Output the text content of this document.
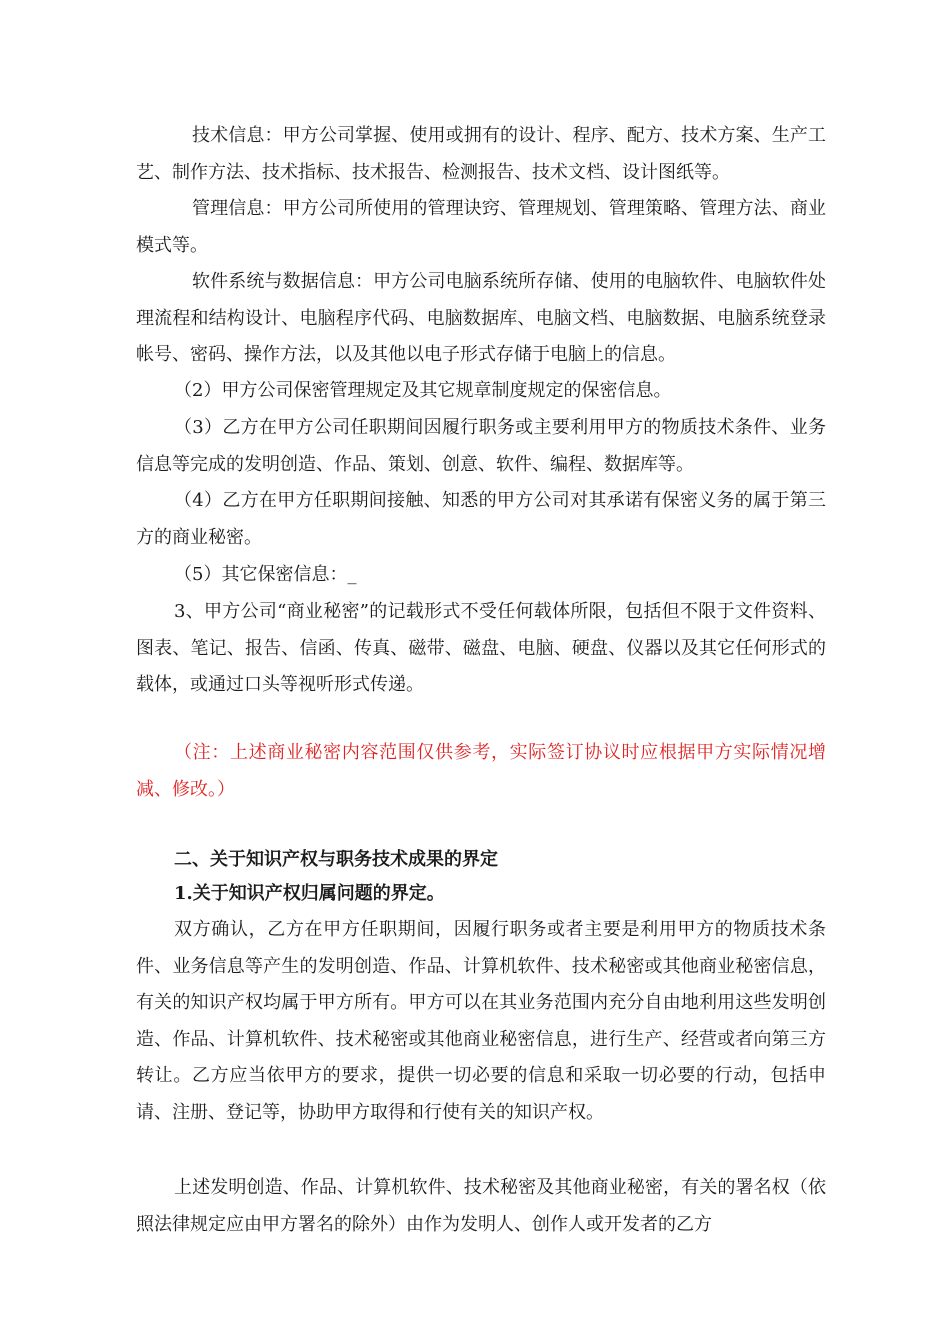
技术信息：甲方公司掌握、使用或拥有的设计、程序、配方、技术方案、生产工艺、制作方法、技术指标、技术报告、检测报告、技术文档、设计图纸等。

管理信息：甲方公司所使用的管理诀窍、管理规划、管理策略、管理方法、商业模式等。

软件系统与数据信息：甲方公司电脑系统所存储、使用的电脑软件、电脑软件处理流程和结构设计、电脑程序代码、电脑数据库、电脑文档、电脑数据、电脑系统登录帐号、密码、操作方法，以及其他以电子形式存储于电脑上的信息。

（2）甲方公司保密管理规定及其它规章制度规定的保密信息。

（3）乙方在甲方公司任职期间因履行职务或主要利用甲方的物质技术条件、业务信息等完成的发明创造、作品、策划、创意、软件、编程、数据库等。

（4）乙方在甲方任职期间接触、知悉的甲方公司对其承诺有保密义务的属于第三方的商业秘密。

（5）其它保密信息：_

3、甲方公司“商业秘密”的记载形式不受任何载体所限，包括但不限于文件资料、图表、笔记、报告、信函、传真、磁带、磁盘、电脑、硬盘、仪器以及其它任何形式的载体，或通过口头等视听形式传递。

（注：上述商业秘密内容范围仅供参考，实际签订协议时应根据甲方实际情况增减、修改。）

二、关于知识产权与职务技术成果的界定

1.关于知识产权归属问题的界定。

双方确认，乙方在甲方任职期间，因履行职务或者主要是利用甲方的物质技术条件、业务信息等产生的发明创造、作品、计算机软件、技术秘密或其他商业秘密信息，有关的知识产权均属于甲方所有。甲方可以在其业务范围内充分自由地利用这些发明创造、作品、计算机软件、技术秘密或其他商业秘密信息，进行生产、经营或者向第三方转让。乙方应当依甲方的要求，提供一切必要的信息和采取一切必要的行动，包括申请、注册、登记等，协助甲方取得和行使有关的知识产权。

上述发明创造、作品、计算机软件、技术秘密及其他商业秘密，有关的署名权（依照法律规定应由甲方署名的除外）由作为发明人、创作人或开发者的乙方
